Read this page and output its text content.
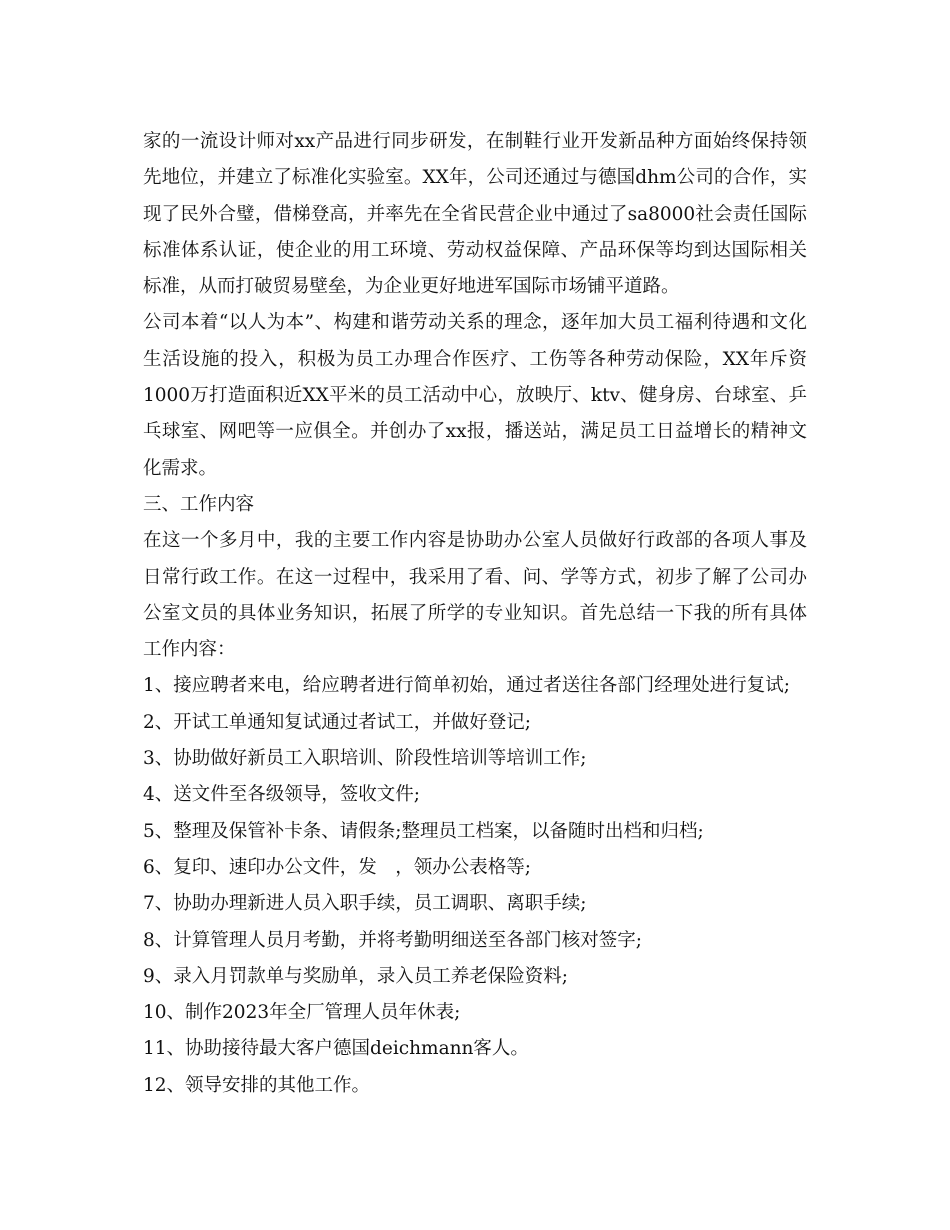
家的一流设计师对xx产品进行同步研发，在制鞋行业开发新品种方面始终保持领先地位，并建立了标准化实验室。XX年，公司还通过与德国dhm公司的合作，实现了民外合璧，借梯登高，并率先在全省民营企业中通过了sa8000社会责任国际标准体系认证，使企业的用工环境、劳动权益保障、产品环保等均到达国际相关标准，从而打破贸易壁垒，为企业更好地进军国际市场铺平道路。

公司本着“以人为本”、构建和谐劳动关系的理念，逐年加大员工福利待遇和文化生活设施的投入，积极为员工办理合作医疗、工伤等各种劳动保险，XX年斥资1000万打造面积近XX平米的员工活动中心，放映厅、ktv、健身房、台球室、乒乓球室、网吧等一应俱全。并创办了xx报，播送站，满足员工日益增长的精神文化需求。

三、工作内容

在这一个多月中，我的主要工作内容是协助办公室人员做好行政部的各项人事及日常行政工作。在这一过程中，我采用了看、问、学等方式，初步了解了公司办公室文员的具体业务知识，拓展了所学的专业知识。首先总结一下我的所有具体工作内容：

1、接应聘者来电，给应聘者进行简单初始，通过者送往各部门经理处进行复试;

2、开试工单通知复试通过者试工，并做好登记;

3、协助做好新员工入职培训、阶段性培训等培训工作;

4、送文件至各级领导，签收文件;

5、整理及保管补卡条、请假条;整理员工档案，以备随时出档和归档;

6、复印、速印办公文件，发　，领办公表格等;

7、协助办理新进人员入职手续，员工调职、离职手续;

8、计算管理人员月考勤，并将考勤明细送至各部门核对签字;

9、录入月罚款单与奖励单，录入员工养老保险资料;

10、制作2023年全厂管理人员年休表;

11、协助接待最大客户德国deichmann客人。

12、领导安排的其他工作。
